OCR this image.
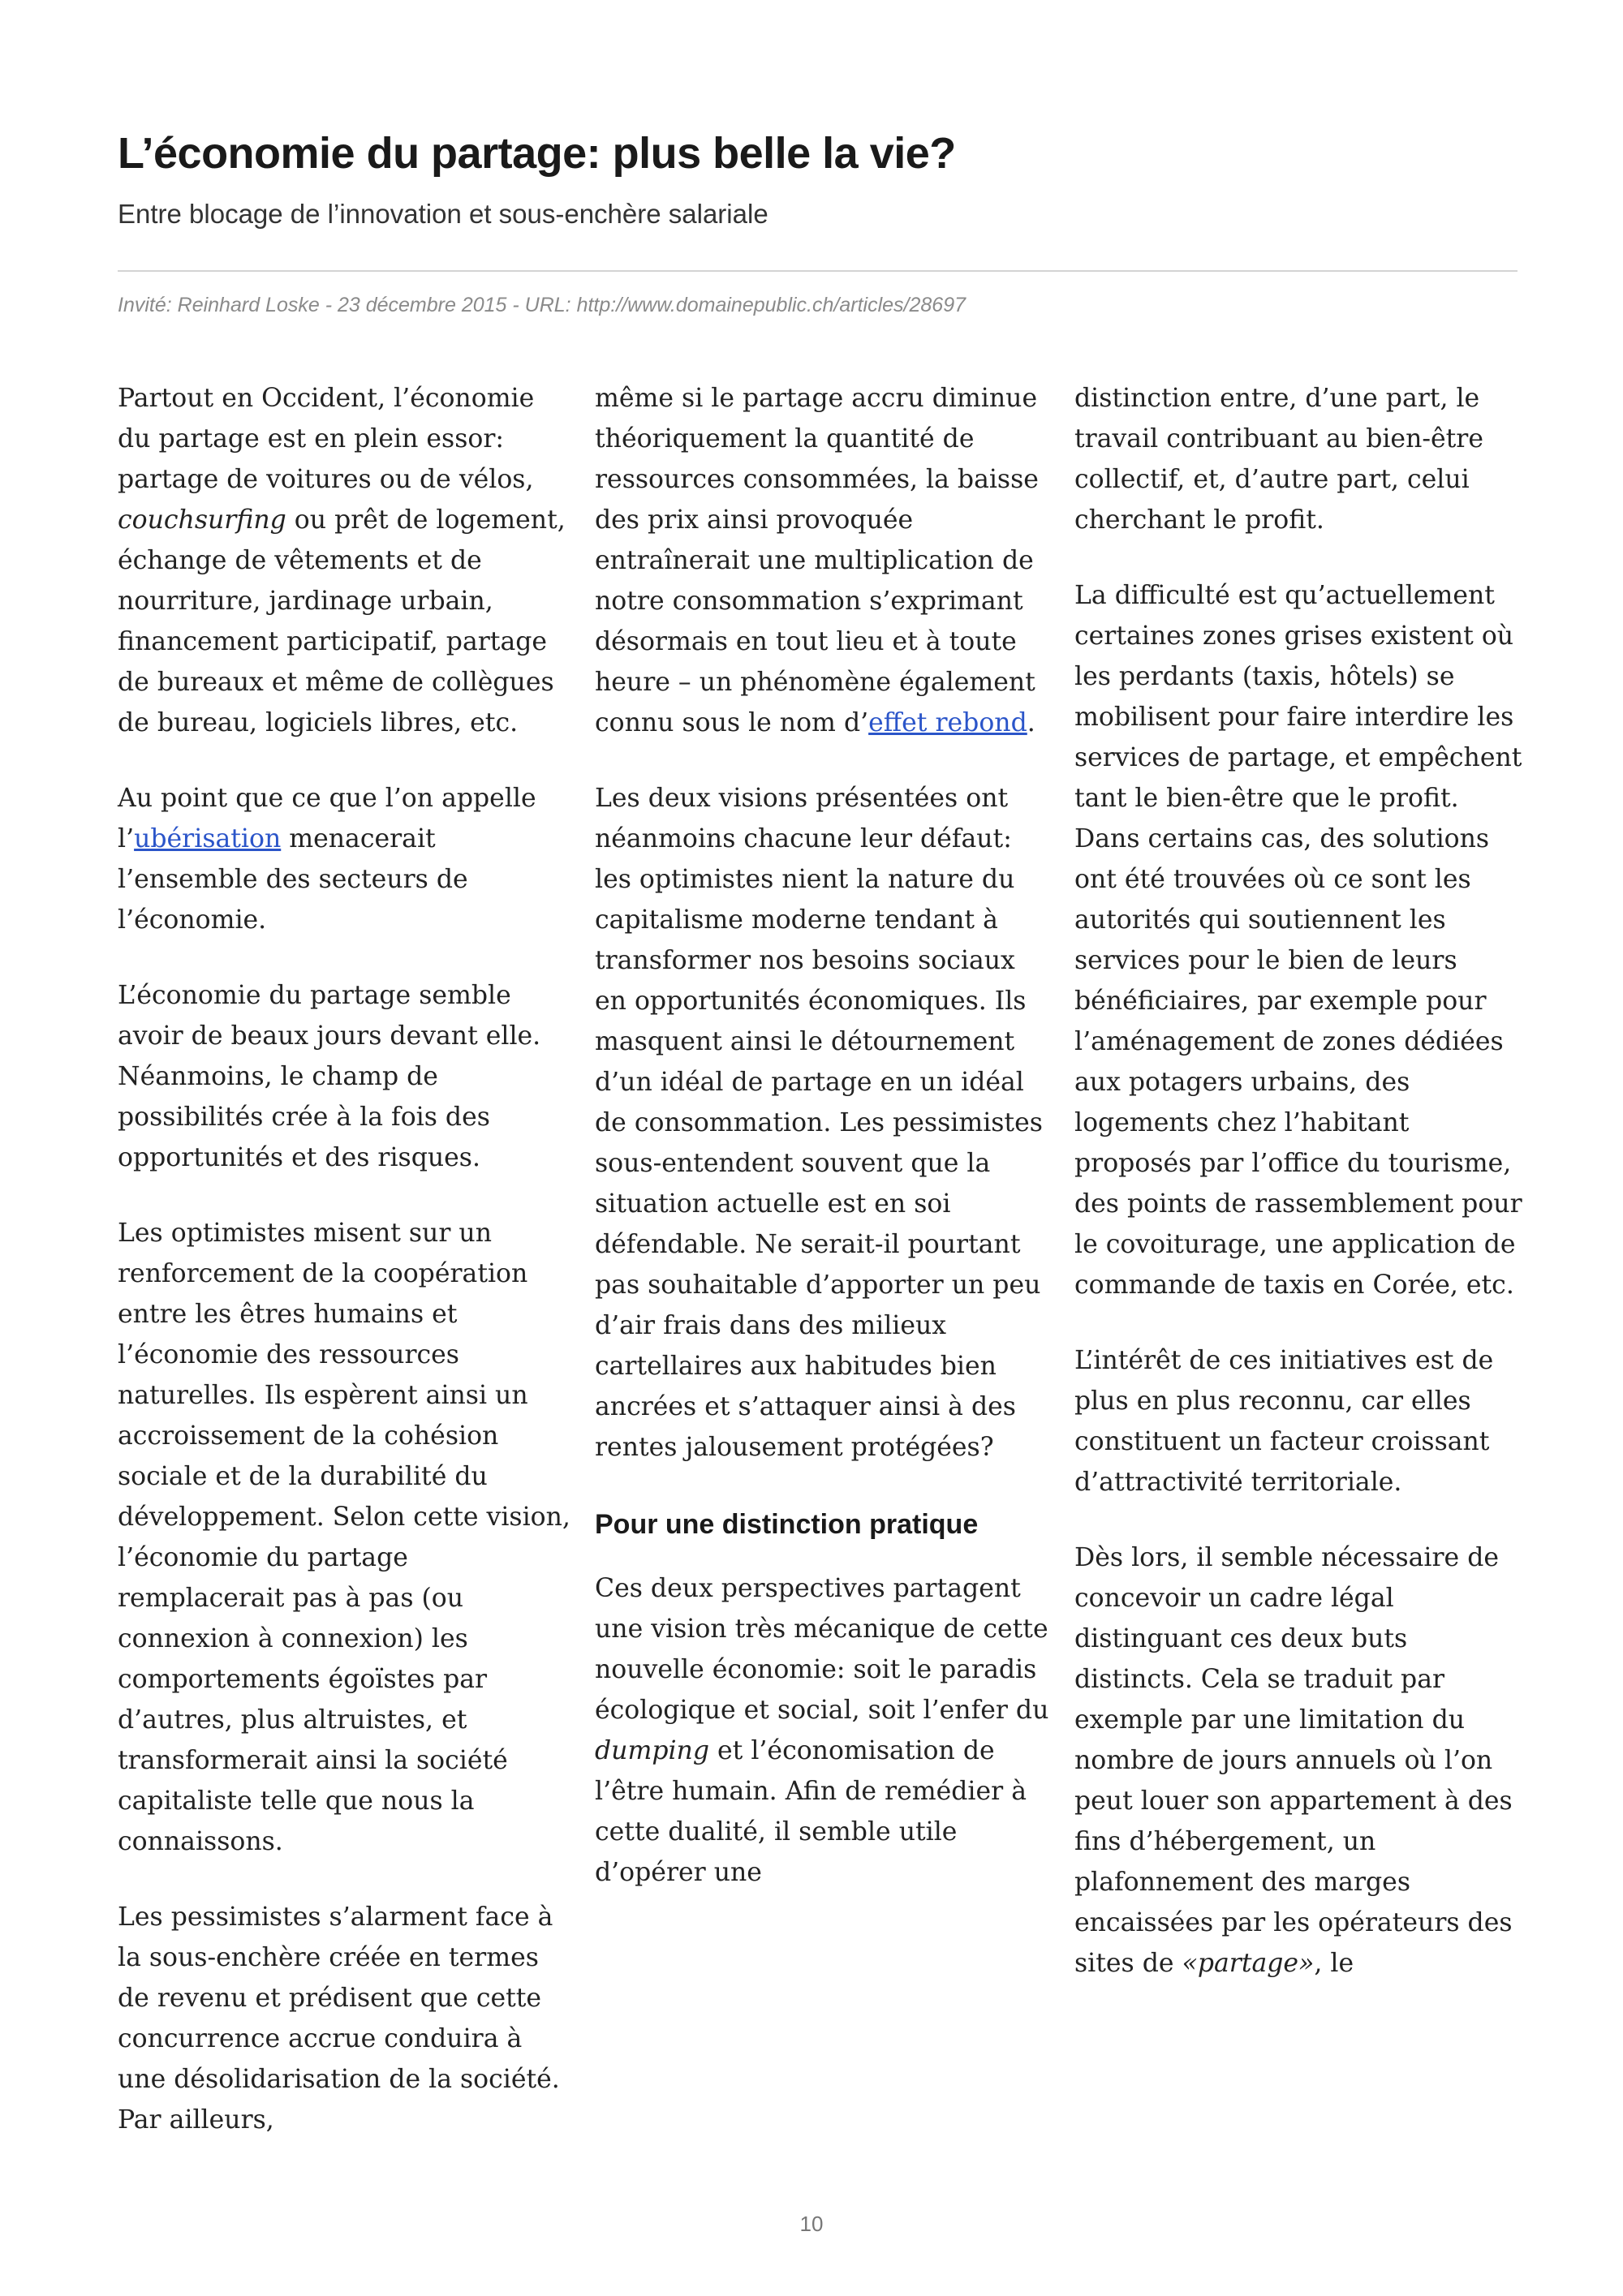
L’économie du partage: plus belle la vie?

Entre blocage de l’innovation et sous-enchère salariale

Invité: Reinhard Loske - 23 décembre 2015 - URL: http://www.domainepublic.ch/articles/28697

Partout en Occident, l’économie du partage est en plein essor: partage de voitures ou de vélos, couchsurfing ou prêt de logement, échange de vêtements et de nourriture, jardinage urbain, financement participatif, partage de bureaux et même de collègues de bureau, logiciels libres, etc.

Au point que ce que l’on appelle l’ubérisation menacerait l’ensemble des secteurs de l’économie.

L’économie du partage semble avoir de beaux jours devant elle. Néanmoins, le champ de possibilités crée à la fois des opportunités et des risques.

Les optimistes misent sur un renforcement de la coopération entre les êtres humains et l’économie des ressources naturelles. Ils espèrent ainsi un accroissement de la cohésion sociale et de la durabilité du développement. Selon cette vision, l’économie du partage remplacerait pas à pas (ou connexion à connexion) les comportements égoïstes par d’autres, plus altruistes, et transformerait ainsi la société capitaliste telle que nous la connaissons.

Les pessimistes s’alarment face à la sous-enchère créée en termes de revenu et prédisent que cette concurrence accrue conduira à une désolidarisation de la société. Par ailleurs,

même si le partage accru diminue théoriquement la quantité de ressources consommées, la baisse des prix ainsi provoquée entraînerait une multiplication de notre consommation s’exprimant désormais en tout lieu et à toute heure – un phénomène également connu sous le nom d’effet rebond.

Les deux visions présentées ont néanmoins chacune leur défaut: les optimistes nient la nature du capitalisme moderne tendant à transformer nos besoins sociaux en opportunités économiques. Ils masquent ainsi le détournement d’un idéal de partage en un idéal de consommation. Les pessimistes sous-entendent souvent que la situation actuelle est en soi défendable. Ne serait-il pourtant pas souhaitable d’apporter un peu d’air frais dans des milieux cartellaires aux habitudes bien ancrées et s’attaquer ainsi à des rentes jalousement protégées?

Pour une distinction pratique

Ces deux perspectives partagent une vision très mécanique de cette nouvelle économie: soit le paradis écologique et social, soit l’enfer du dumping et l’économisation de l’être humain. Afin de remédier à cette dualité, il semble utile d’opérer une

distinction entre, d’une part, le travail contribuant au bien-être collectif, et, d’autre part, celui cherchant le profit.

La difficulté est qu’actuellement certaines zones grises existent où les perdants (taxis, hôtels) se mobilisent pour faire interdire les services de partage, et empêchent tant le bien-être que le profit. Dans certains cas, des solutions ont été trouvées où ce sont les autorités qui soutiennent les services pour le bien de leurs bénéficiaires, par exemple pour l’aménagement de zones dédiées aux potagers urbains, des logements chez l’habitant proposés par l’office du tourisme, des points de rassemblement pour le covoiturage, une application de commande de taxis en Corée, etc.

L’intérêt de ces initiatives est de plus en plus reconnu, car elles constituent un facteur croissant d’attractivité territoriale.

Dès lors, il semble nécessaire de concevoir un cadre légal distinguant ces deux buts distincts. Cela se traduit par exemple par une limitation du nombre de jours annuels où l’on peut louer son appartement à des fins d’hébergement, un plafonnement des marges encaissées par les opérateurs des sites de «partage», le

10
